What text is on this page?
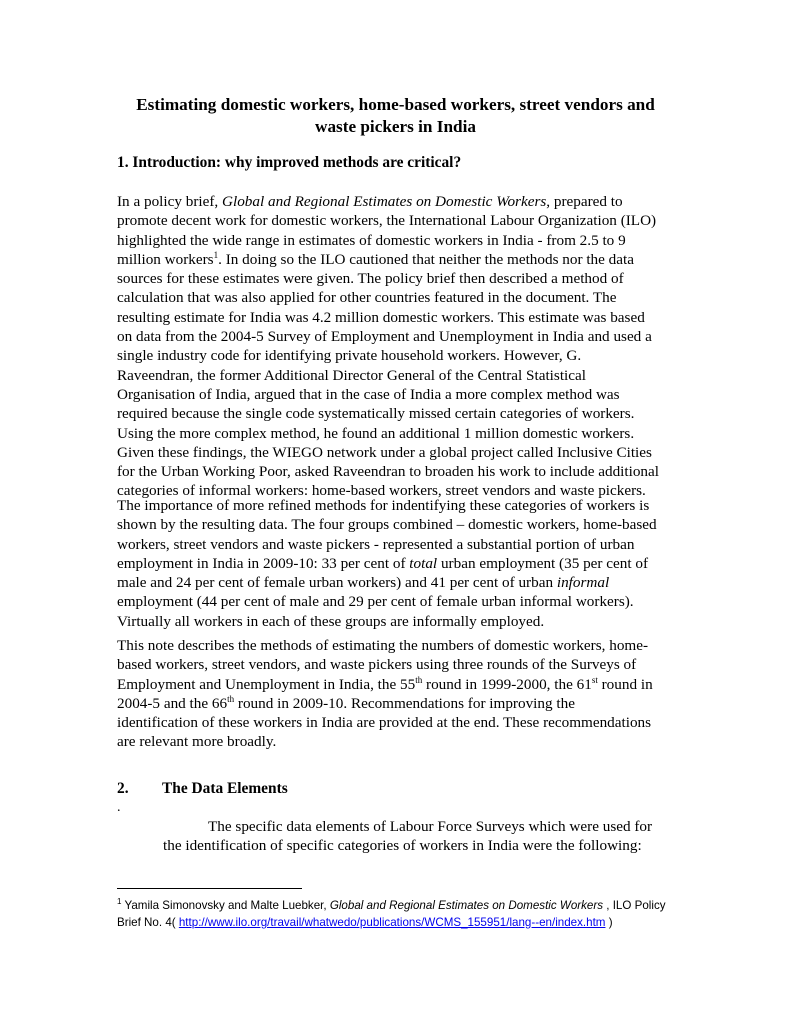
Estimating domestic workers, home-based workers, street vendors and
waste pickers in India
1. Introduction: why improved methods are critical?
In a policy brief, Global and Regional Estimates on Domestic Workers, prepared to
promote decent work for domestic workers, the International Labour Organization (ILO)
highlighted the wide range in estimates of domestic workers in India - from 2.5 to 9
million workers$^1$. In doing so the ILO cautioned that neither the methods nor the data
sources for these estimates were given. The policy brief then described a method of
calculation that was also applied for other countries featured in the document. The
resulting estimate for India was 4.2 million domestic workers. This estimate was based
on data from the 2004-5 Survey of Employment and Unemployment in India and used a
single industry code for identifying private household workers. However, G.
Raveendran, the former Additional Director General of the Central Statistical
Organisation of India, argued that in the case of India a more complex method was
required because the single code systematically missed certain categories of workers.
Using the more complex method, he found an additional 1 million domestic workers.
Given these findings, the WIEGO network under a global project called Inclusive Cities
for the Urban Working Poor, asked Raveendran to broaden his work to include additional
categories of informal workers: home-based workers, street vendors and waste pickers.
The importance of more refined methods for indentifying these categories of workers is
shown by the resulting data. The four groups combined – domestic workers, home-based
workers, street vendors and waste pickers - represented a substantial portion of urban
employment in India in 2009-10: 33 per cent of total urban employment (35 per cent of
male and 24 per cent of female urban workers) and 41 per cent of urban informal
employment (44 per cent of male and 29 per cent of female urban informal workers).
Virtually all workers in each of these groups are informally employed.
This note describes the methods of estimating the numbers of domestic workers, home-
based workers, street vendors, and waste pickers using three rounds of the Surveys of
Employment and Unemployment in India, the 55th round in 1999-2000, the 61st round in
2004-5 and the 66th round in 2009-10. Recommendations for improving the
identification of these workers in India are provided at the end. These recommendations
are relevant more broadly.
2. The Data Elements
.
The specific data elements of Labour Force Surveys which were used for
the identification of specific categories of workers in India were the following:
$^1$ Yamila Simonovsky and Malte Luebker, Global and Regional Estimates on Domestic Workers , ILO Policy
Brief No. 4( http://www.ilo.org/travail/whatwedo/publications/WCMS_155951/lang--en/index.htm )
